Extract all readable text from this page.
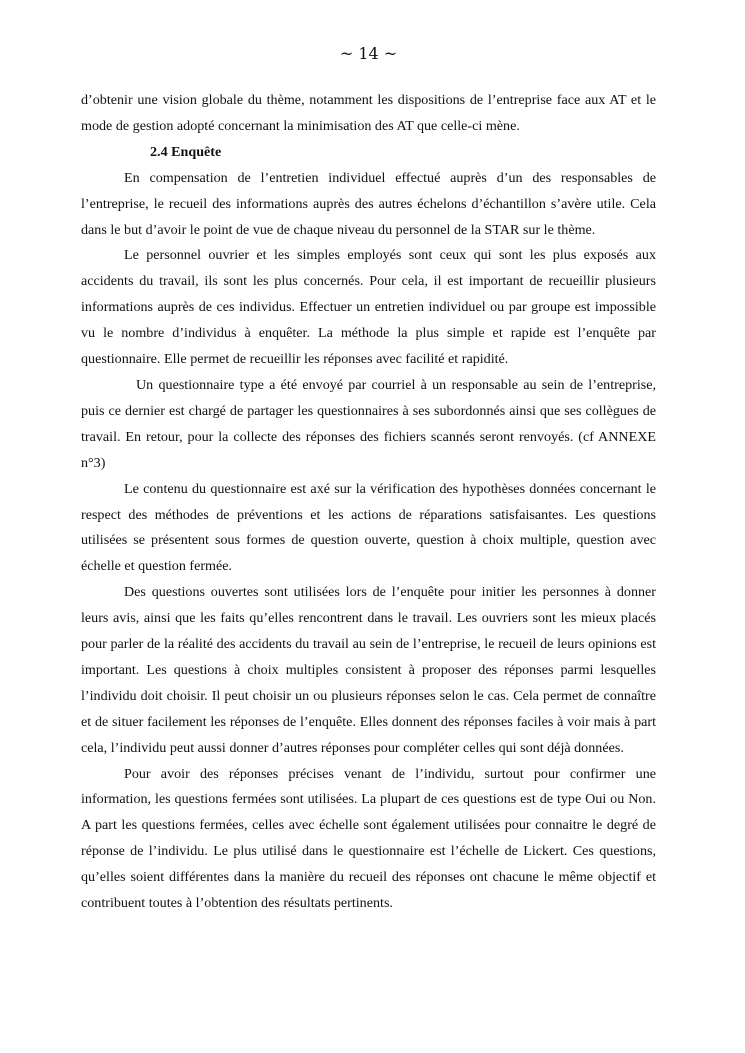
~ 14 ~

d’obtenir une vision globale du thème, notamment les dispositions de l’entreprise face aux AT et le mode de gestion adopté concernant la minimisation des AT que celle-ci mène.

2.4 Enquête

En compensation de l’entretien individuel effectué auprès d’un des responsables de l’entreprise, le recueil des informations auprès des autres échelons d’échantillon s’avère utile. Cela dans le but d’avoir le point de vue de chaque niveau du personnel de la STAR sur le thème.

Le personnel ouvrier et les simples employés sont ceux qui sont les plus exposés aux accidents du travail, ils sont les plus concernés. Pour cela, il est important de recueillir plusieurs informations auprès de ces individus. Effectuer un entretien individuel ou par groupe est impossible vu le nombre d’individus à enquêter. La méthode la plus simple et rapide est l’enquête par questionnaire. Elle permet de recueillir les réponses avec facilité et rapidité.

Un questionnaire type a été envoyé par courriel à un responsable au sein de l’entreprise, puis ce dernier est chargé de partager les questionnaires à ses subordonnés ainsi que ses collègues de travail. En retour, pour la collecte des réponses des fichiers scannés seront renvoyés. (cf ANNEXE n°3)

Le contenu du questionnaire est axé sur la vérification des hypothèses données concernant le respect des méthodes de préventions et les actions de réparations satisfaisantes. Les questions utilisées se présentent sous formes de question ouverte, question à choix multiple, question avec échelle et question fermée.

Des questions ouvertes sont utilisées lors de l’enquête pour initier les personnes à donner leurs avis, ainsi que les faits qu’elles rencontrent dans le travail. Les ouvriers sont les mieux placés pour parler de la réalité des accidents du travail au sein de l’entreprise, le recueil de leurs opinions est important. Les questions à choix multiples consistent à proposer des réponses parmi lesquelles l’individu doit choisir. Il peut choisir un ou plusieurs réponses selon le cas. Cela permet de connaître et de situer facilement les réponses de l’enquête. Elles donnent des réponses faciles à voir mais à part cela, l’individu peut aussi donner d’autres réponses pour compléter celles qui sont déjà données.

Pour avoir des réponses précises venant de l’individu, surtout pour confirmer une information, les questions fermées sont utilisées. La plupart de ces questions est de type Oui ou Non. A part les questions fermées, celles avec échelle sont également utilisées pour connaitre le degré de réponse de l’individu. Le plus utilisé dans le questionnaire est l’échelle de Lickert. Ces questions, qu’elles soient différentes dans la manière du recueil des réponses ont chacune le même objectif et contribuent toutes à l’obtention des résultats pertinents.
